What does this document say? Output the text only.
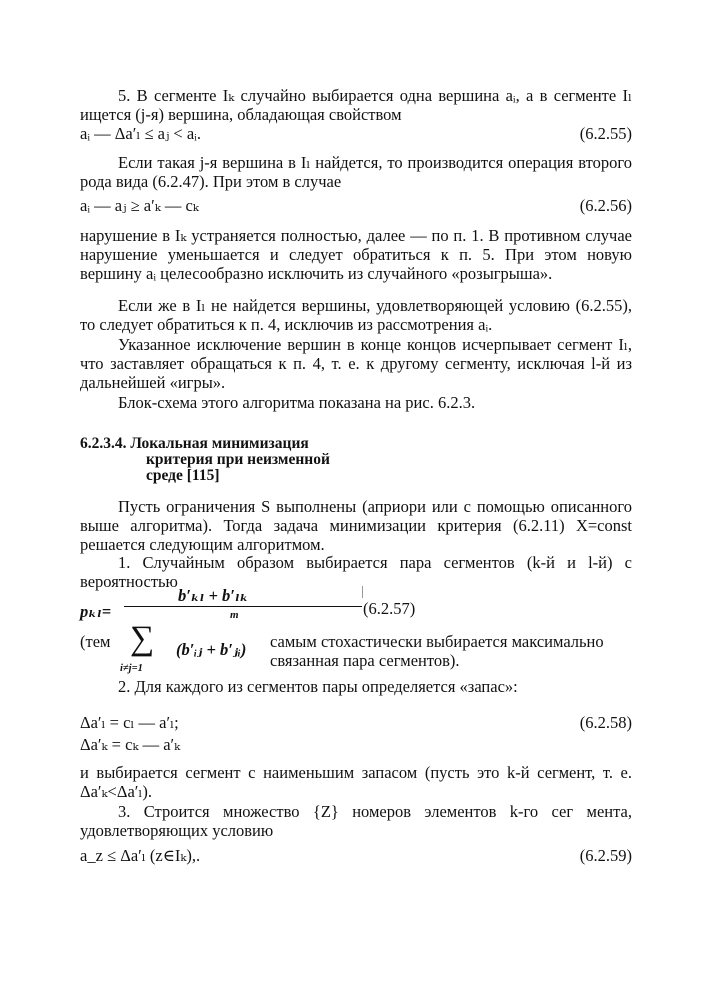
5. В сегменте Iₖ случайно выбирается одна вершина aᵢ, а в сегменте Iₗ ищется (j-я) вершина, обладающая свойством

aᵢ — Δa′ₗ ≤ aⱼ < aᵢ.	(6.2.55)

Если такая j-я вершина в Iₗ найдется, то производится операция второго рода вида (6.2.47). При этом в случае

aᵢ — aⱼ ≥ a′ₖ — cₖ	(6.2.56)

нарушение в Iₖ устраняется полностью, далее — по п. 1. В противном случае нарушение уменьшается и следует обратиться к п. 5. При этом новую вершину aᵢ целесообразно исключить из случайного «розыгрыша».

Если же в Iₗ не найдется вершины, удовлетворяющей условию (6.2.55), то следует обратиться к п. 4, исключив из рассмотрения aᵢ.

Указанное исключение вершин в конце концов исчерпывает сегмент Iₗ, что заставляет обращаться к п. 4, т. е. к другому сегменту, исключая l-й из дальнейшей «игры».

Блок-схема этого алгоритма показана на рис. 6.2.3.

6.2.3.4. Локальная минимизация
критерия при неизменной
среде [115]

Пусть ограничения S выполнены (априори или с помощью описанного выше алгоритма). Тогда задача минимизации критерия (6.2.11) X=const решается следующим алгоритмом.

1. Случайным образом выбирается пара сегментов (k-й и l-й) с вероятностью

pₖₗ=
b′ₖₗ + b′ₗₖ
m	(6.2.57)
(тем ∑
i≠j=1
(b′ᵢⱼ + b′ⱼᵢ) самым стохастически выбирается максимально
связанная пара сегментов).

2. Для каждого из сегментов пары определяется «запас»:

Δa′ₗ = cₗ — a′ₗ;	(6.2.58)
Δa′ₖ = cₖ — a′ₖ

и выбирается сегмент с наименьшим запасом (пусть это k-й сегмент, т. е. Δa′ₖ<Δa′ₗ).

3. Строится множество {Z} номеров элементов k-го сег мента, удовлетворяющих условию

a_z ≤ Δa′ₗ (z∈Iₖ),.	(6.2.59)
